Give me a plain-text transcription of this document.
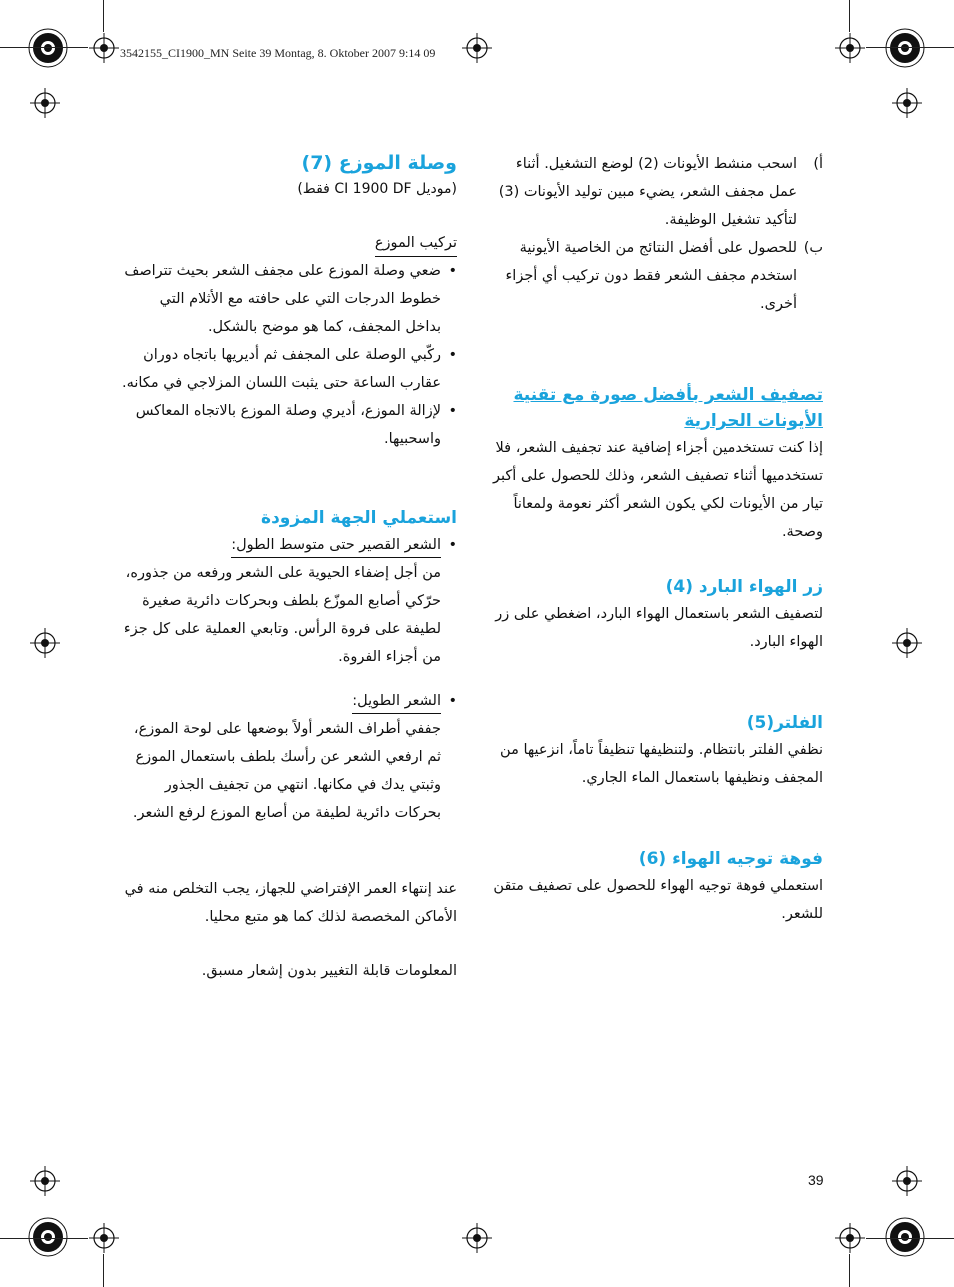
3542155_CI1900_MN Seite 39 Montag, 8. Oktober 2007 9:14 09
أ)

اسحب منشط الأيونات (2) لوضع التشغيل. أثناء عمل مجفف الشعر، يضيء مبين توليد الأيونات (3) لتأكيد تشغيل الوظيفة.

ب)

للحصول على أفضل النتائج من الخاصية الأيونية استخدم مجفف الشعر فقط دون تركيب أي أجزاء أخرى.

تصفيف الشعر بأفضل صورة مع تقنية الأيونات الحرارية

إذا كنت تستخدمين أجزاء إضافية عند تجفيف الشعر، فلا تستخدميها أثناء تصفيف الشعر، وذلك للحصول على أكبر تيار من الأيونات لكي يكون الشعر أكثر نعومة ولمعاناً وصحة.

زر الهواء البارد (4)

لتصفيف الشعر باستعمال الهواء البارد، اضغطي على زر الهواء البارد.

الفلتر(5)

نظفي الفلتر بانتظام. ولتنظيفها تنظيفاً تاماً، انزعيها من المجفف ونظيفها باستعمال الماء الجاري.

فوهة توجيه الهواء (6)

استعملي فوهة توجيه الهواء للحصول على تصفيف متقن للشعر.

وصلة الموزع (7)

(موديل CI 1900 DF فقط)

تركيب الموزع
• ضعي وصلة الموزع على مجفف الشعر بحيث تتراصف خطوط الدرجات التي على حافته مع الأثلام التي بداخل المجفف، كما هو موضح بالشكل.
• ركّبي الوصلة على المجفف ثم أديريها باتجاه دوران عقارب الساعة حتى يثبت اللسان المزلاجي في مكانه.
• لإزالة الموزع، أديري وصلة الموزع بالاتجاه المعاكس واسحبيها.
استعملي الجهة المزودة
• الشعر القصير حتى متوسط الطول:
من أجل إضفاء الحيوية على الشعر ورفعه من جذوره، حرّكي أصابع الموزّع بلطف وبحركات دائرية صغيرة لطيفة على فروة الرأس. وتابعي العملية على كل جزء من أجزاء الفروة.
• الشعر الطويل:
جففي أطراف الشعر أولاً بوضعها على لوحة الموزع، ثم ارفعي الشعر عن رأسك بلطف باستعمال الموزع وثبتي يدك في مكانها. انتهي من تجفيف الجذور بحركات دائرية لطيفة من أصابع الموزع لرفع الشعر.

عند إنتهاء العمر الإفتراضي للجهاز، يجب التخلص منه في الأماكن المخصصة لذلك كما هو متبع محليا.

المعلومات قابلة التغيير بدون إشعار مسبق.

39
